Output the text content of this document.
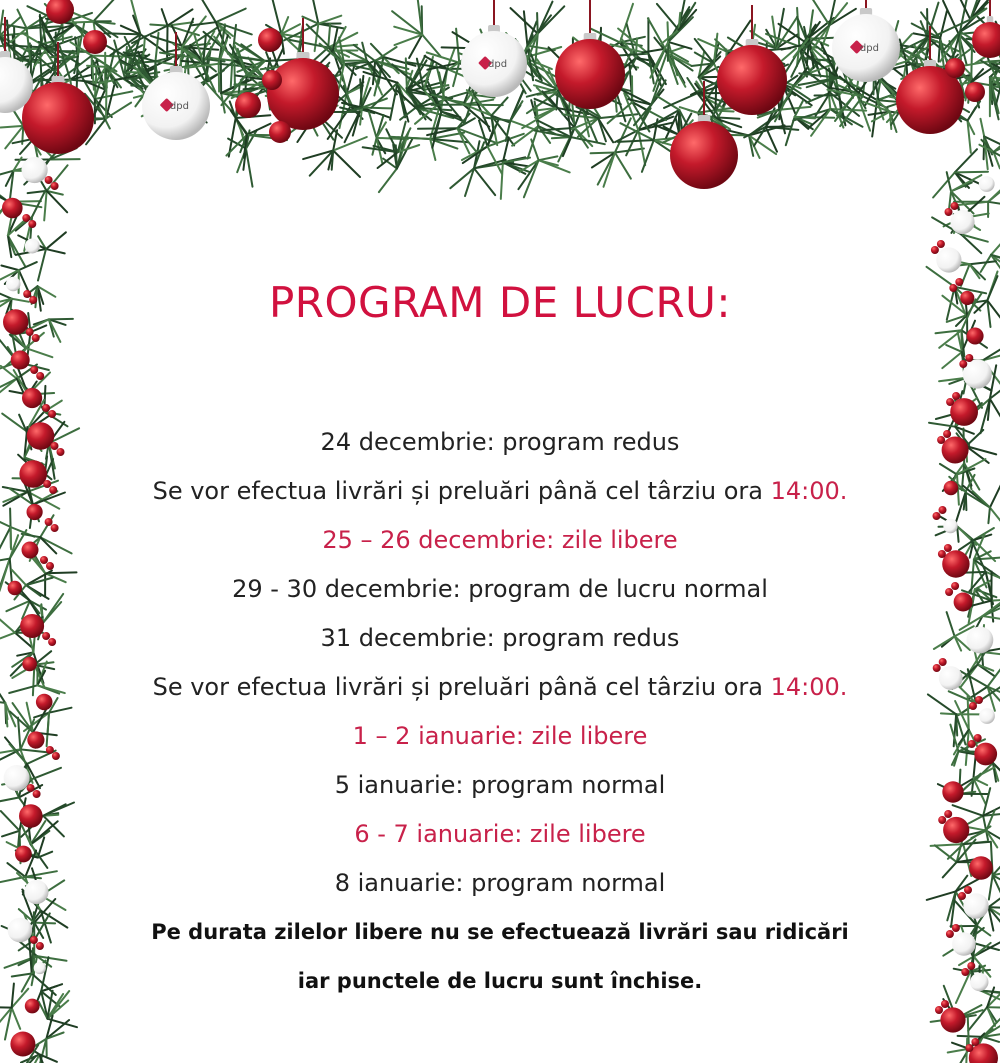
dpd
dpd
dpd
PROGRAM DE LUCRU:
24 decembrie: program redus
Se vor efectua livrări și preluări până cel târziu ora 14:00.
25 – 26 decembrie: zile libere
29 - 30 decembrie: program de lucru normal
31 decembrie: program redus
Se vor efectua livrări și preluări până cel târziu ora 14:00.
1 – 2 ianuarie: zile libere
5 ianuarie: program normal
6 - 7 ianuarie: zile libere
8 ianuarie: program normal
Pe durata zilelor libere nu se efectuează livrări sau ridicări
iar punctele de lucru sunt închise.
